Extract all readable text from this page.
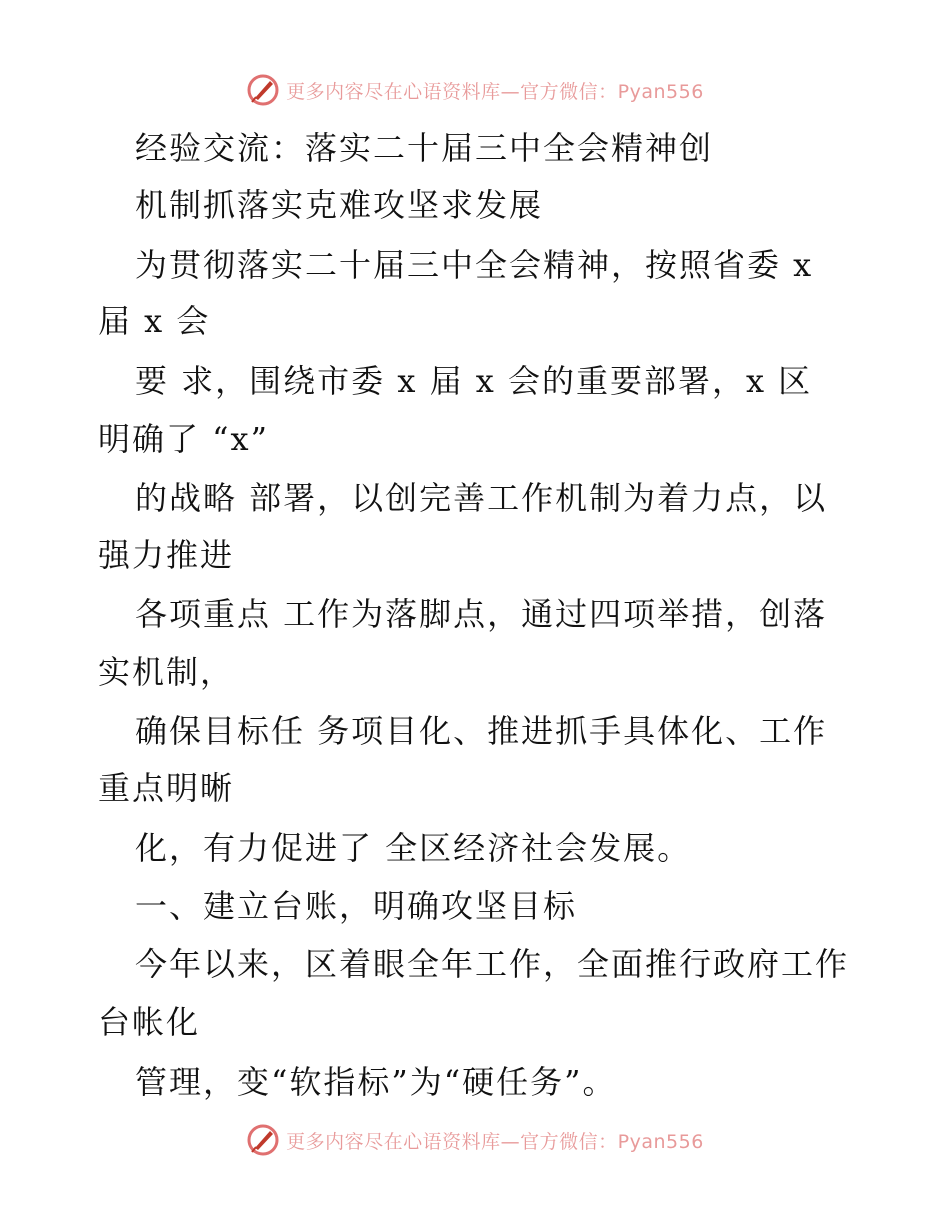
更多内容尽在心语资料库—官方微信：Pyan556
经验交流：落实二十届三中全会精神创
机制抓落实克难攻坚求发展
为贯彻落实二十届三中全会精神，按照省委 x
届 x 会
要 求，围绕市委 x 届 x 会的重要部署，x 区
明确了 “x”
的战略 部署，以创完善工作机制为着力点，以
强力推进
各项重点 工作为落脚点，通过四项举措，创落
实机制，
确保目标任 务项目化、推进抓手具体化、工作
重点明晰
化，有力促进了 全区经济社会发展。
一、建立台账，明确攻坚目标
今年以来，区着眼全年工作，全面推行政府工作
台帐化
管理，变“软指标”为“硬任务”。
更多内容尽在心语资料库—官方微信：Pyan556
